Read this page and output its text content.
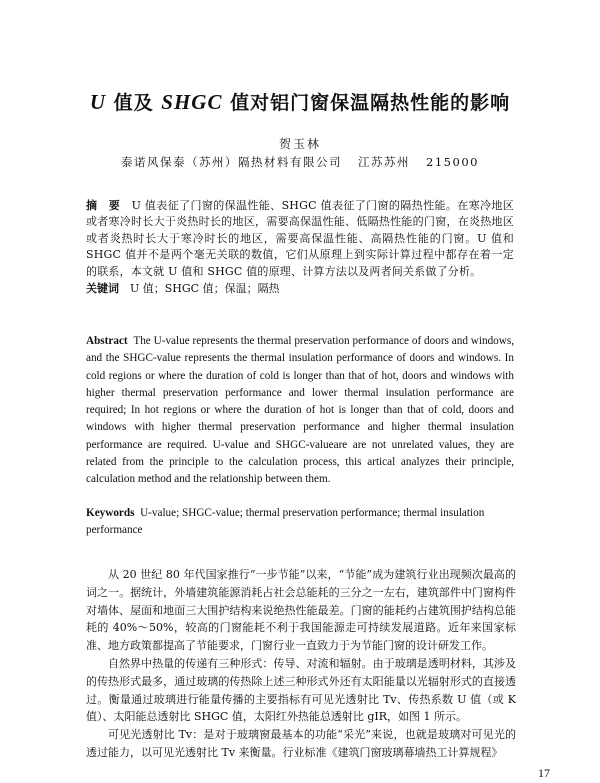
U 值及 SHGC 值对铝门窗保温隔热性能的影响
贺玉林
泰诺风保泰（苏州）隔热材料有限公司 江苏苏州 215000
摘　要　 U 值表征了门窗的保温性能、SHGC 值表征了门窗的隔热性能。在寒冷地区或者寒冷时长大于炎热时长的地区，需要高保温性能、低隔热性能的门窗，在炎热地区或者炎热时长大于寒冷时长的地区，需要高保温性能、高隔热性能的门窗。U 值和 SHGC 值并不是两个毫无关联的数值，它们从原理上到实际计算过程中都存在着一定的联系，本文就 U 值和 SHGC 值的原理、计算方法以及两者间关系做了分析。
关键词　 U 值；SHGC 值；保温；隔热
Abstract The U-value represents the thermal preservation performance of doors and windows, and the SHGC-value represents the thermal insulation performance of doors and windows. In cold regions or where the duration of cold is longer than that of hot, doors and windows with higher thermal preservation performance and lower thermal insulation performance are required; In hot regions or where the duration of hot is longer than that of cold, doors and windows with higher thermal preservation performance and higher thermal insulation performance are required. U-value and SHGC-valueare are not unrelated values, they are related from the principle to the calculation process, this artical analyzes their principle, calculation method and the relationship between them.
Keywords U-value; SHGC-value; thermal preservation performance; thermal insulation performance

从 20 世纪 80 年代国家推行“一步节能”以来，“节能”成为建筑行业出现频次最高的词之一。据统计，外墙建筑能源消耗占社会总能耗的三分之一左右，建筑部件中门窗构件对墙体、屋面和地面三大围护结构来说绝热性能最差。门窗的能耗约占建筑围护结构总能耗的 40%～50%，较高的门窗能耗不利于我国能源走可持续发展道路。近年来国家标准、地方政策都提高了节能要求，门窗行业一直致力于为节能门窗的设计研发工作。

自然界中热量的传递有三种形式：传导、对流和辐射。由于玻璃是透明材料，其涉及的传热形式最多，通过玻璃的传热除上述三种形式外还有太阳能量以光辐射形式的直接透过。衡量通过玻璃进行能量传播的主要指标有可见光透射比 Tv、传热系数 U 值（或 K 值）、太阳能总透射比 SHGC 值，太阳红外热能总透射比 gIR，如图 1 所示。

可见光透射比 Tv：是对于玻璃窗最基本的功能“采光”来说，也就是玻璃对可见光的透过能力，以可见光透射比 Tv 来衡量。行业标准《建筑门窗玻璃幕墙热工计算规程》

17
